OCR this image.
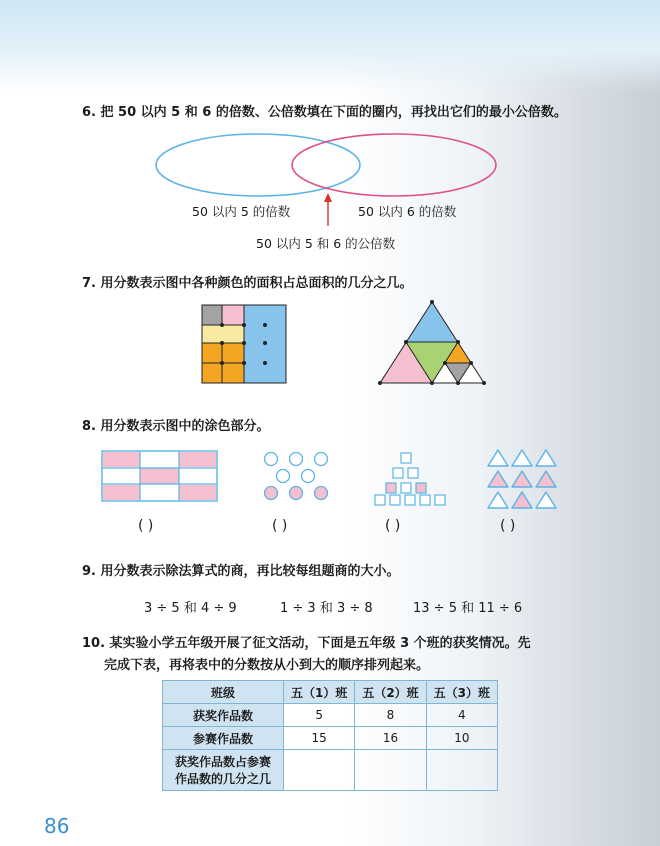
6. 把 50 以内 5 和 6 的倍数、公倍数填在下面的圈内，再找出它们的最小公倍数。
50 以内 5 的倍数	50 以内 6 的倍数
50 以内 5 和 6 的公倍数
7. 用分数表示图中各种颜色的面积占总面积的几分之几。
8. 用分数表示图中的涂色部分。
( )	( )	( )	( )
9. 用分数表示除法算式的商，再比较每组题商的大小。
3 ÷ 5 和 4 ÷ 9	1 ÷ 3 和 3 ÷ 8	13 ÷ 5 和 11 ÷ 6
10. 某实验小学五年级开展了征文活动，下面是五年级 3 个班的获奖情况。先
完成下表，再将表中的分数按从小到大的顺序排列起来。
班级	五（1）班	五（2）班	五（3）班
获奖作品数	5	8	4
参赛作品数	15	16	10

获奖作品数占参赛
作品数的几分之几			

86
